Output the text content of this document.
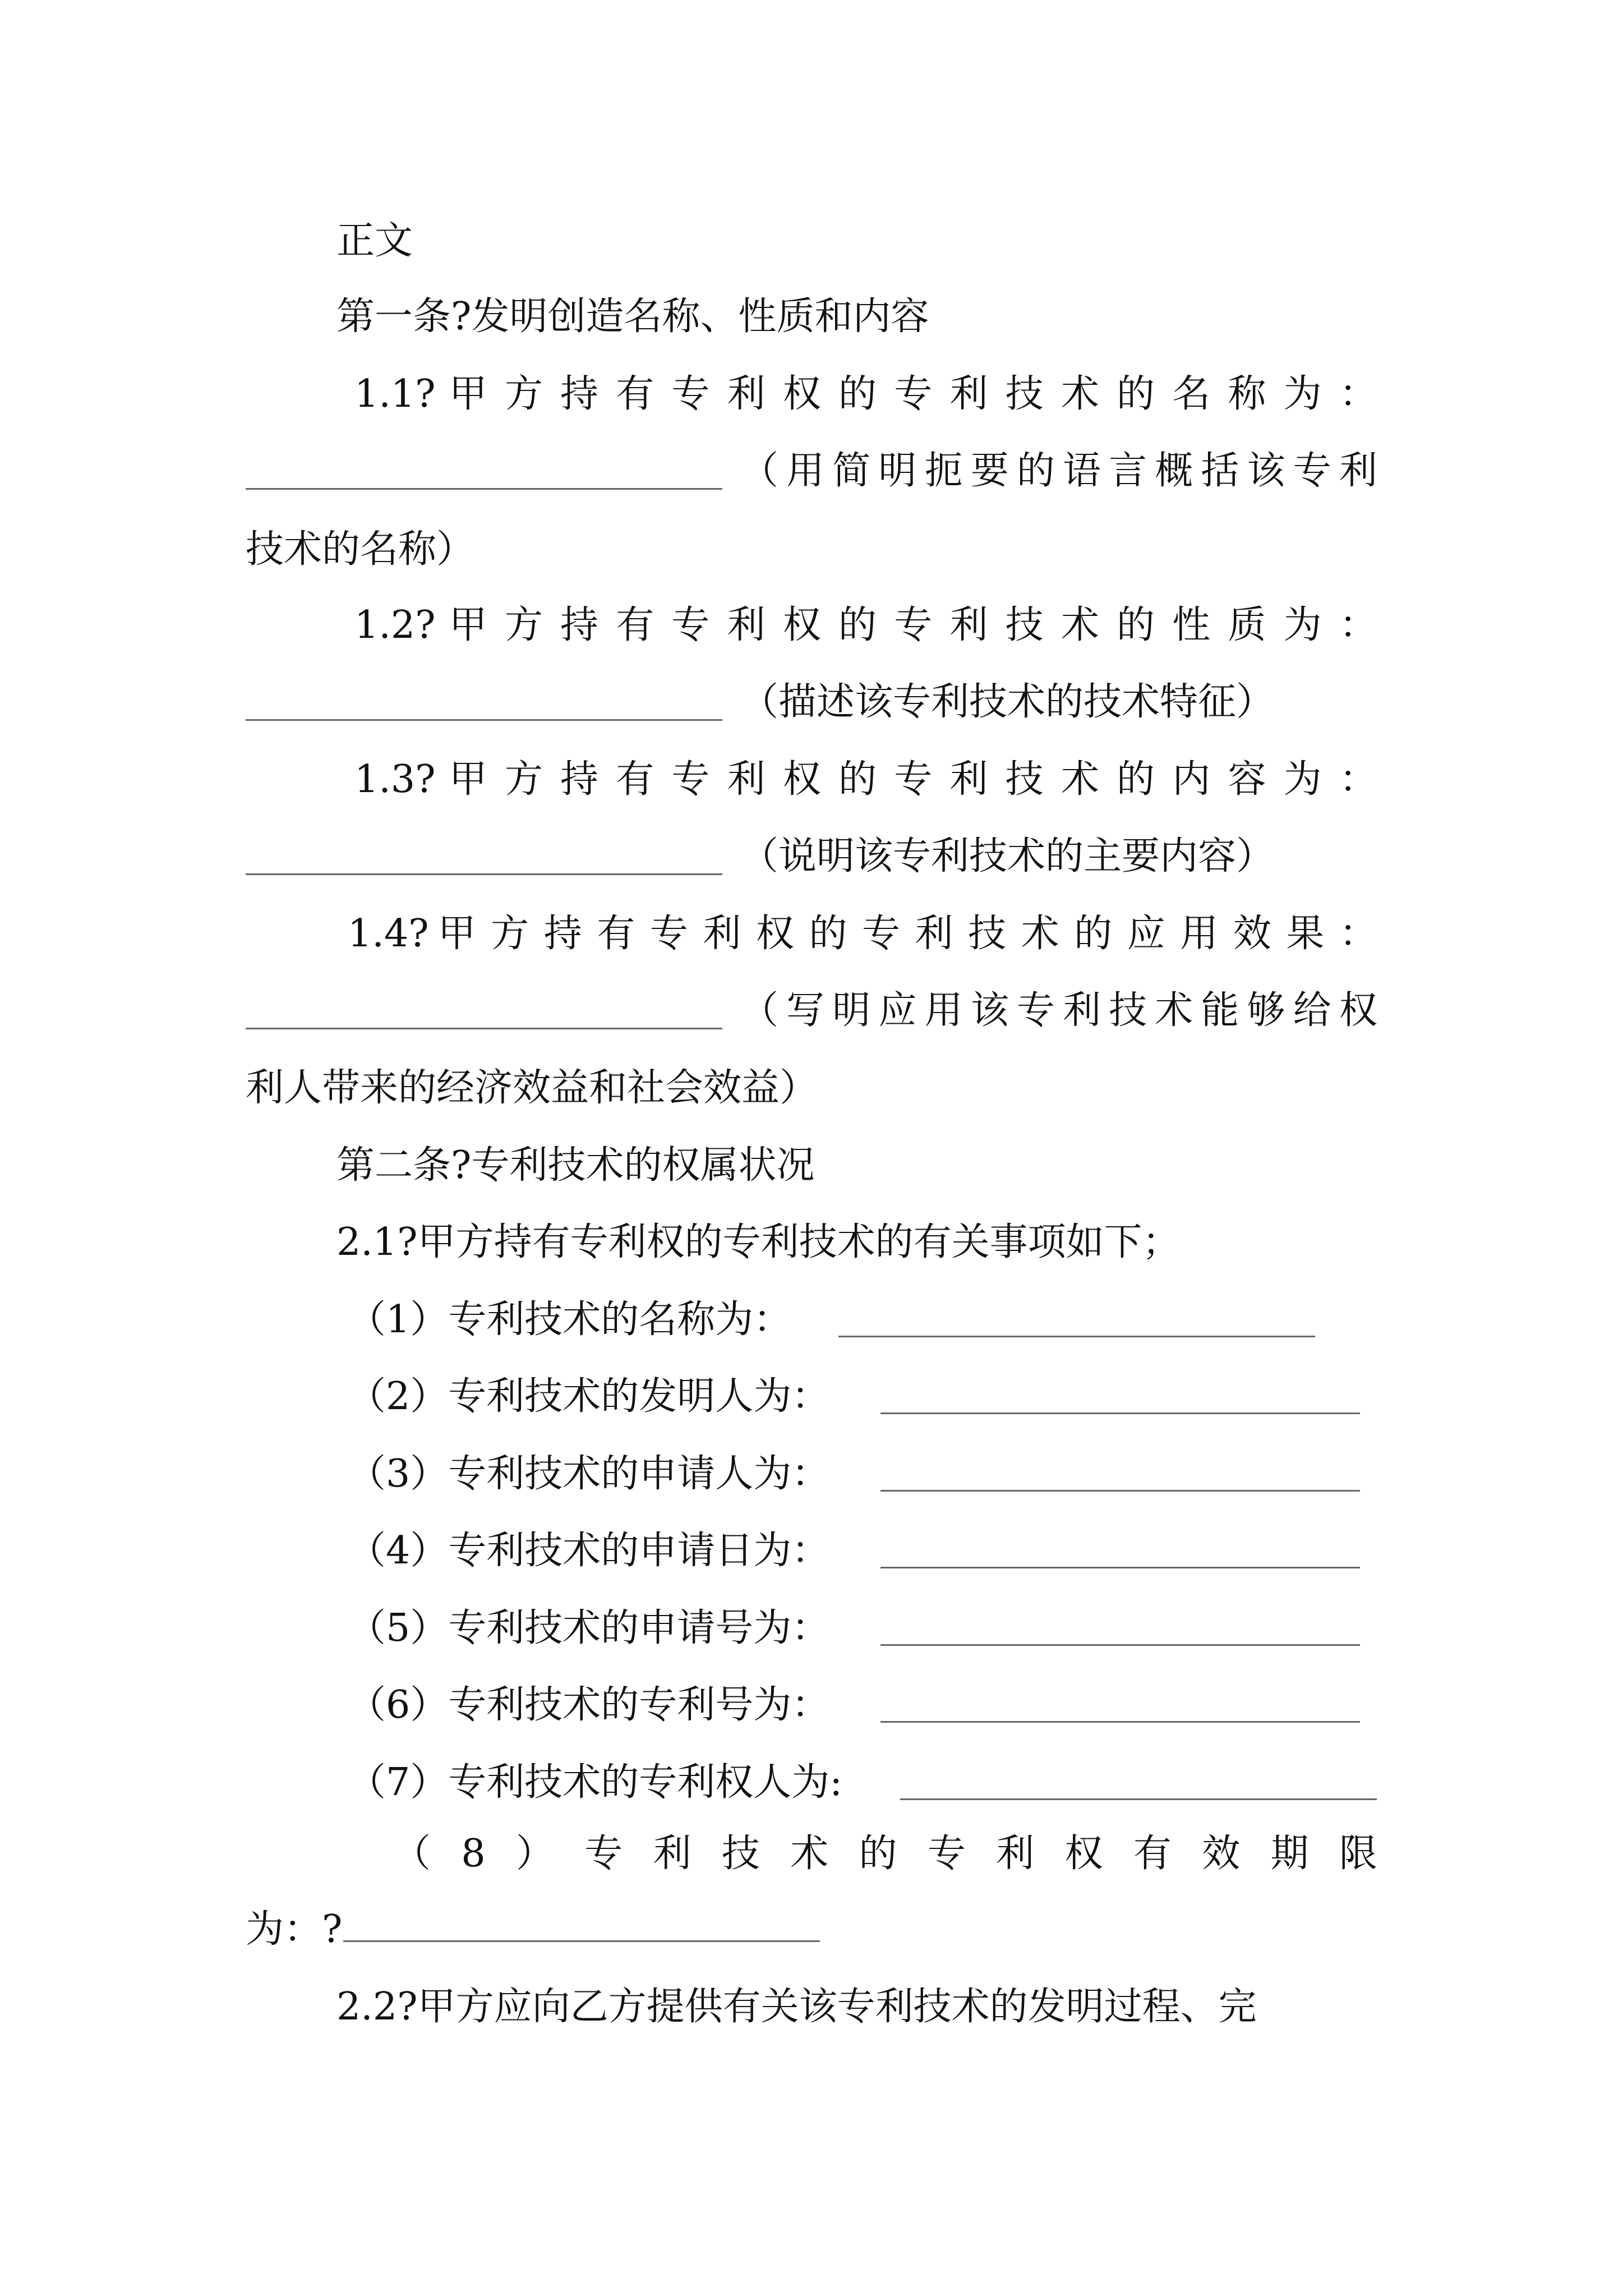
正文
第一条?发明创造名称、性质和内容
1.1? 甲 方 持 有 专 利 权 的 专 利 技 术 的 名 称 为 ：
（ 用 简 明 扼 要 的 语 言 概 括 该 专 利
技术的名称）
1.2? 甲 方 持 有 专 利 权 的 专 利 技 术 的 性 质 为 ：
（描述该专利技术的技术特征）
1.3? 甲 方 持 有 专 利 权 的 专 利 技 术 的 内 容 为 ：
（说明该专利技术的主要内容）
1.4? 甲 方 持 有 专 利 权 的 专 利 技 术 的 应 用 效 果 ：
（ 写 明 应 用 该 专 利 技 术 能 够 给 权
利人带来的经济效益和社会效益）
第二条?专利技术的权属状况
2.1?甲方持有专利权的专利技术的有关事项如下；
（1）专利技术的名称为：
（2）专利技术的发明人为：
（3）专利技术的申请人为：
（4）专利技术的申请日为：
（5）专利技术的申请号为：
（6）专利技术的专利号为：
（7）专利技术的专利权人为:
（ 8 ） 专 利 技 术 的 专 利 权 有 效 期 限
为：?
2.2?甲方应向乙方提供有关该专利技术的发明过程、完
